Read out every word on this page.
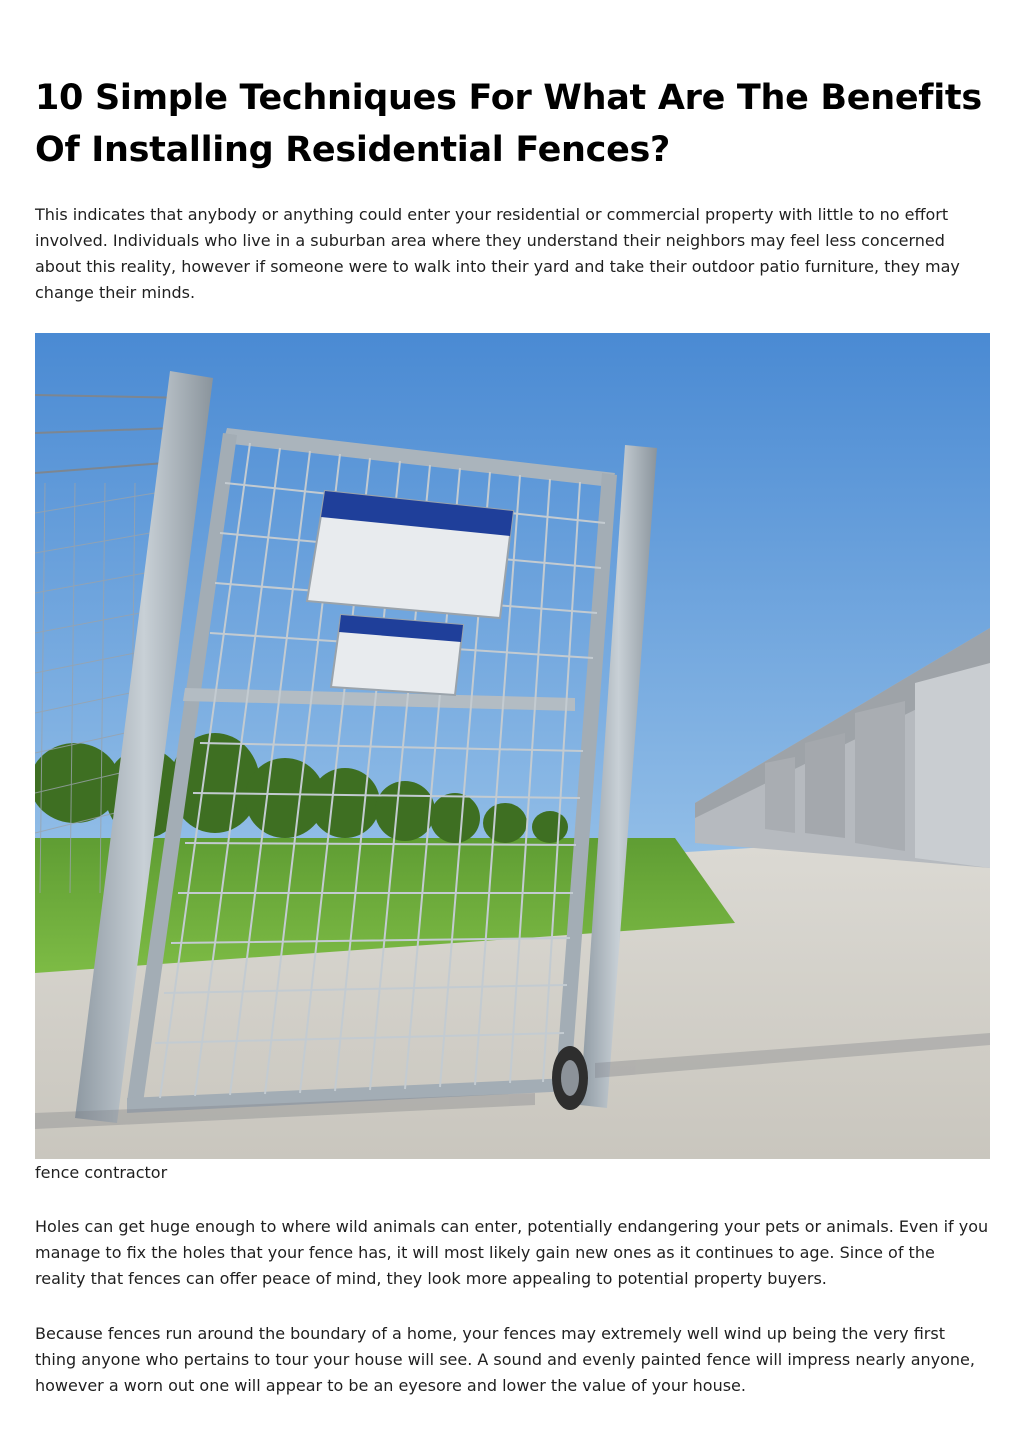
10 Simple Techniques For What Are The Benefits Of Installing Residential Fences?

This indicates that anybody or anything could enter your residential or commercial property with little to no effort involved. Individuals who live in a suburban area where they understand their neighbors may feel less concerned about this reality, however if someone were to walk into their yard and take their outdoor patio furniture, they may change their minds.

fence contractor

Holes can get huge enough to where wild animals can enter, potentially endangering your pets or animals. Even if you manage to fix the holes that your fence has, it will most likely gain new ones as it continues to age. Since of the reality that fences can offer peace of mind, they look more appealing to potential property buyers.

Because fences run around the boundary of a home, your fences may extremely well wind up being the very first thing anyone who pertains to tour your house will see. A sound and evenly painted fence will impress nearly anyone, however a worn out one will appear to be an eyesore and lower the value of your house.
